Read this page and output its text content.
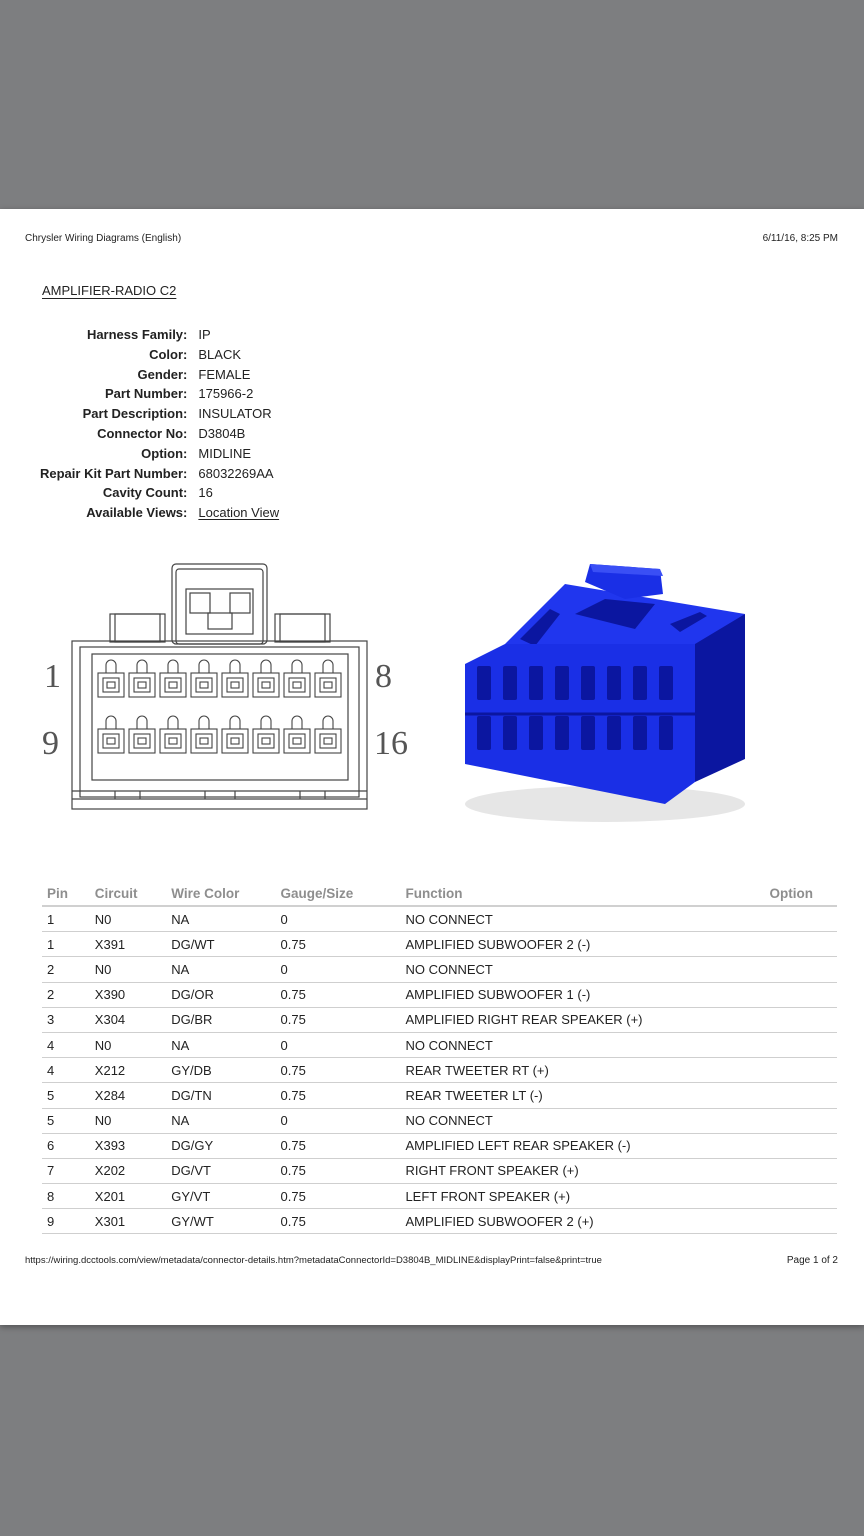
Chrysler Wiring Diagrams (English)	6/11/16, 8:25 PM
AMPLIFIER-RADIO C2
Harness Family:	IP
Color:	BLACK
Gender:	FEMALE
Part Number:	175966-2
Part Description:	INSULATOR
Connector No:	D3804B
Option:	MIDLINE
Repair Kit Part Number:	68032269AA
Cavity Count:	16
Available Views:	Location View
1	8
9	16
Pin	Circuit	Wire Color	Gauge/Size	Function	Option
1	N0	NA	0	NO CONNECT	
1	X391	DG/WT	0.75	AMPLIFIED SUBWOOFER 2 (-)	
2	N0	NA	0	NO CONNECT	
2	X390	DG/OR	0.75	AMPLIFIED SUBWOOFER 1 (-)	
3	X304	DG/BR	0.75	AMPLIFIED RIGHT REAR SPEAKER (+)	
4	N0	NA	0	NO CONNECT	
4	X212	GY/DB	0.75	REAR TWEETER RT (+)	
5	X284	DG/TN	0.75	REAR TWEETER LT (-)	
5	N0	NA	0	NO CONNECT	
6	X393	DG/GY	0.75	AMPLIFIED LEFT REAR SPEAKER (-)	
7	X202	DG/VT	0.75	RIGHT FRONT SPEAKER (+)	
8	X201	GY/VT	0.75	LEFT FRONT SPEAKER (+)	
9	X301	GY/WT	0.75	AMPLIFIED SUBWOOFER 2 (+)	
https://wiring.dcctools.com/view/metadata/connector-details.htm?metadataConnectorId=D3804B_MIDLINE&displayPrint=false&print=true	Page 1 of 2
